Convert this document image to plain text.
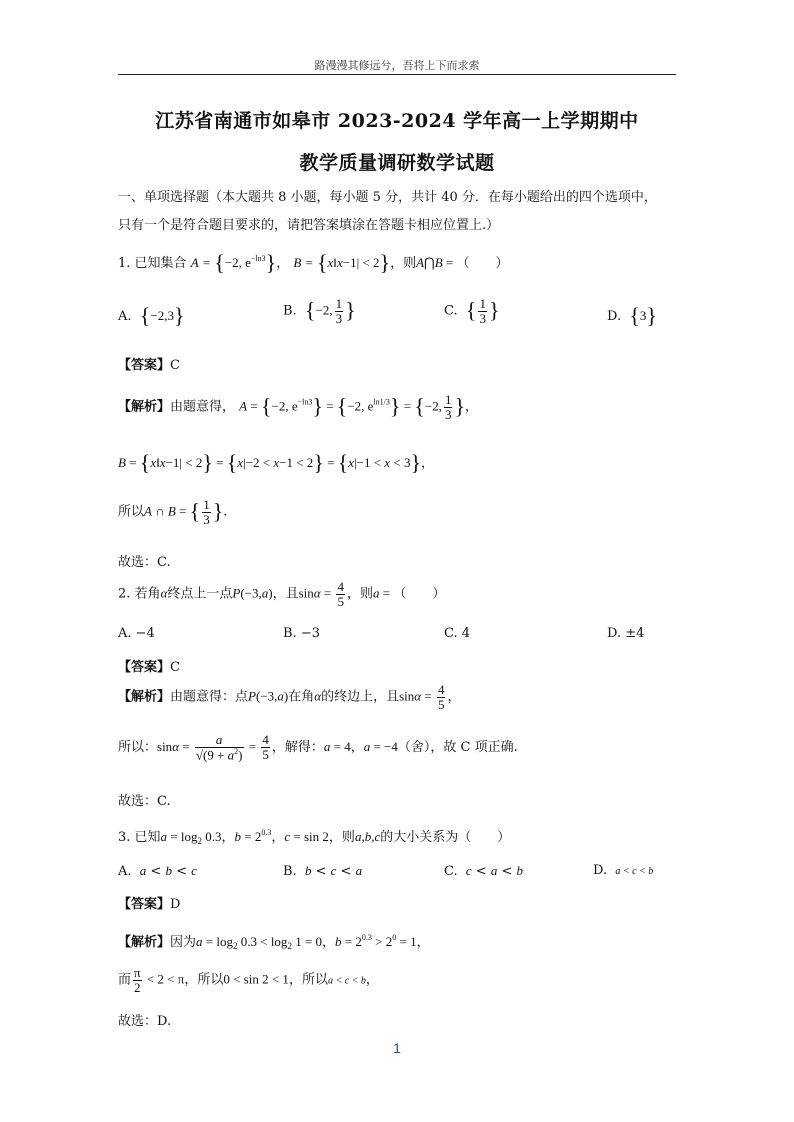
路漫漫其修远兮，吾将上下而求索
江苏省南通市如皋市 2023-2024 学年高一上学期期中
教学质量调研数学试题
一、单项选择题（本大题共 8 小题，每小题 5 分，共计 40 分．在每小题给出的四个选项中，
只有一个是符合题目要求的，请把答案填涂在答题卡相应位置上.）
1. 已知集合 A = {−2, $e^{-ln3}$}， B = {x‖x−1| < 2}，则A⋂B = （　　）
A. {−2,3}	B. {−2, $\frac{1}{3}$ }	C. { $\frac{1}{3}$ }	D. {3}
【答案】C
【解析】由题意得， A = {−2, $e^{-ln3}\} = \{-2$, $e^{ln1/3}\} = \{-2$, $\frac{1}{3}$ }，
B = {x‖x−1| < 2} = {x|−2 < x−1 < 2} = {x|−1 < x < 3}，
所以A ∩ B = { $\frac{1}{3}$ }.
故选：C.
2. 若角α终点上一点P(−3,a)，且$\sin\alpha = \frac{4}{5}$ ，则a = （　　）
A. −4	B. −3	C. 4	D. ±4
【答案】C
【解析】由题意得：点P(−3,a)在角α的终边上，且$\sin\alpha = \frac{4}{5}$ ，
所以：$\sin\alpha = \frac{a}{√(9 + a^2)} = \frac{4}{5}$ ，解得：a = 4，a = −4（舍），故 C 项正确.
故选：C.
3. 已知$a = \log_2 0.3$，$b = 2^{0.3}$，c = sin 2，则a,b,c的大小关系为（　　）
A. a < b < c	B. b < c < a	C. c < a < b	D. a < c < b
【答案】D
【解析】因为$a = \log_2 0.3 < \log_2 1 = 0$，$b = 2^{0.3} > 2^0 = 1$，
而 $\frac{\pi}{2} < 2 < \pi$，所以0 < sin 2 < 1，所以a < c < b，
故选：D.
1
